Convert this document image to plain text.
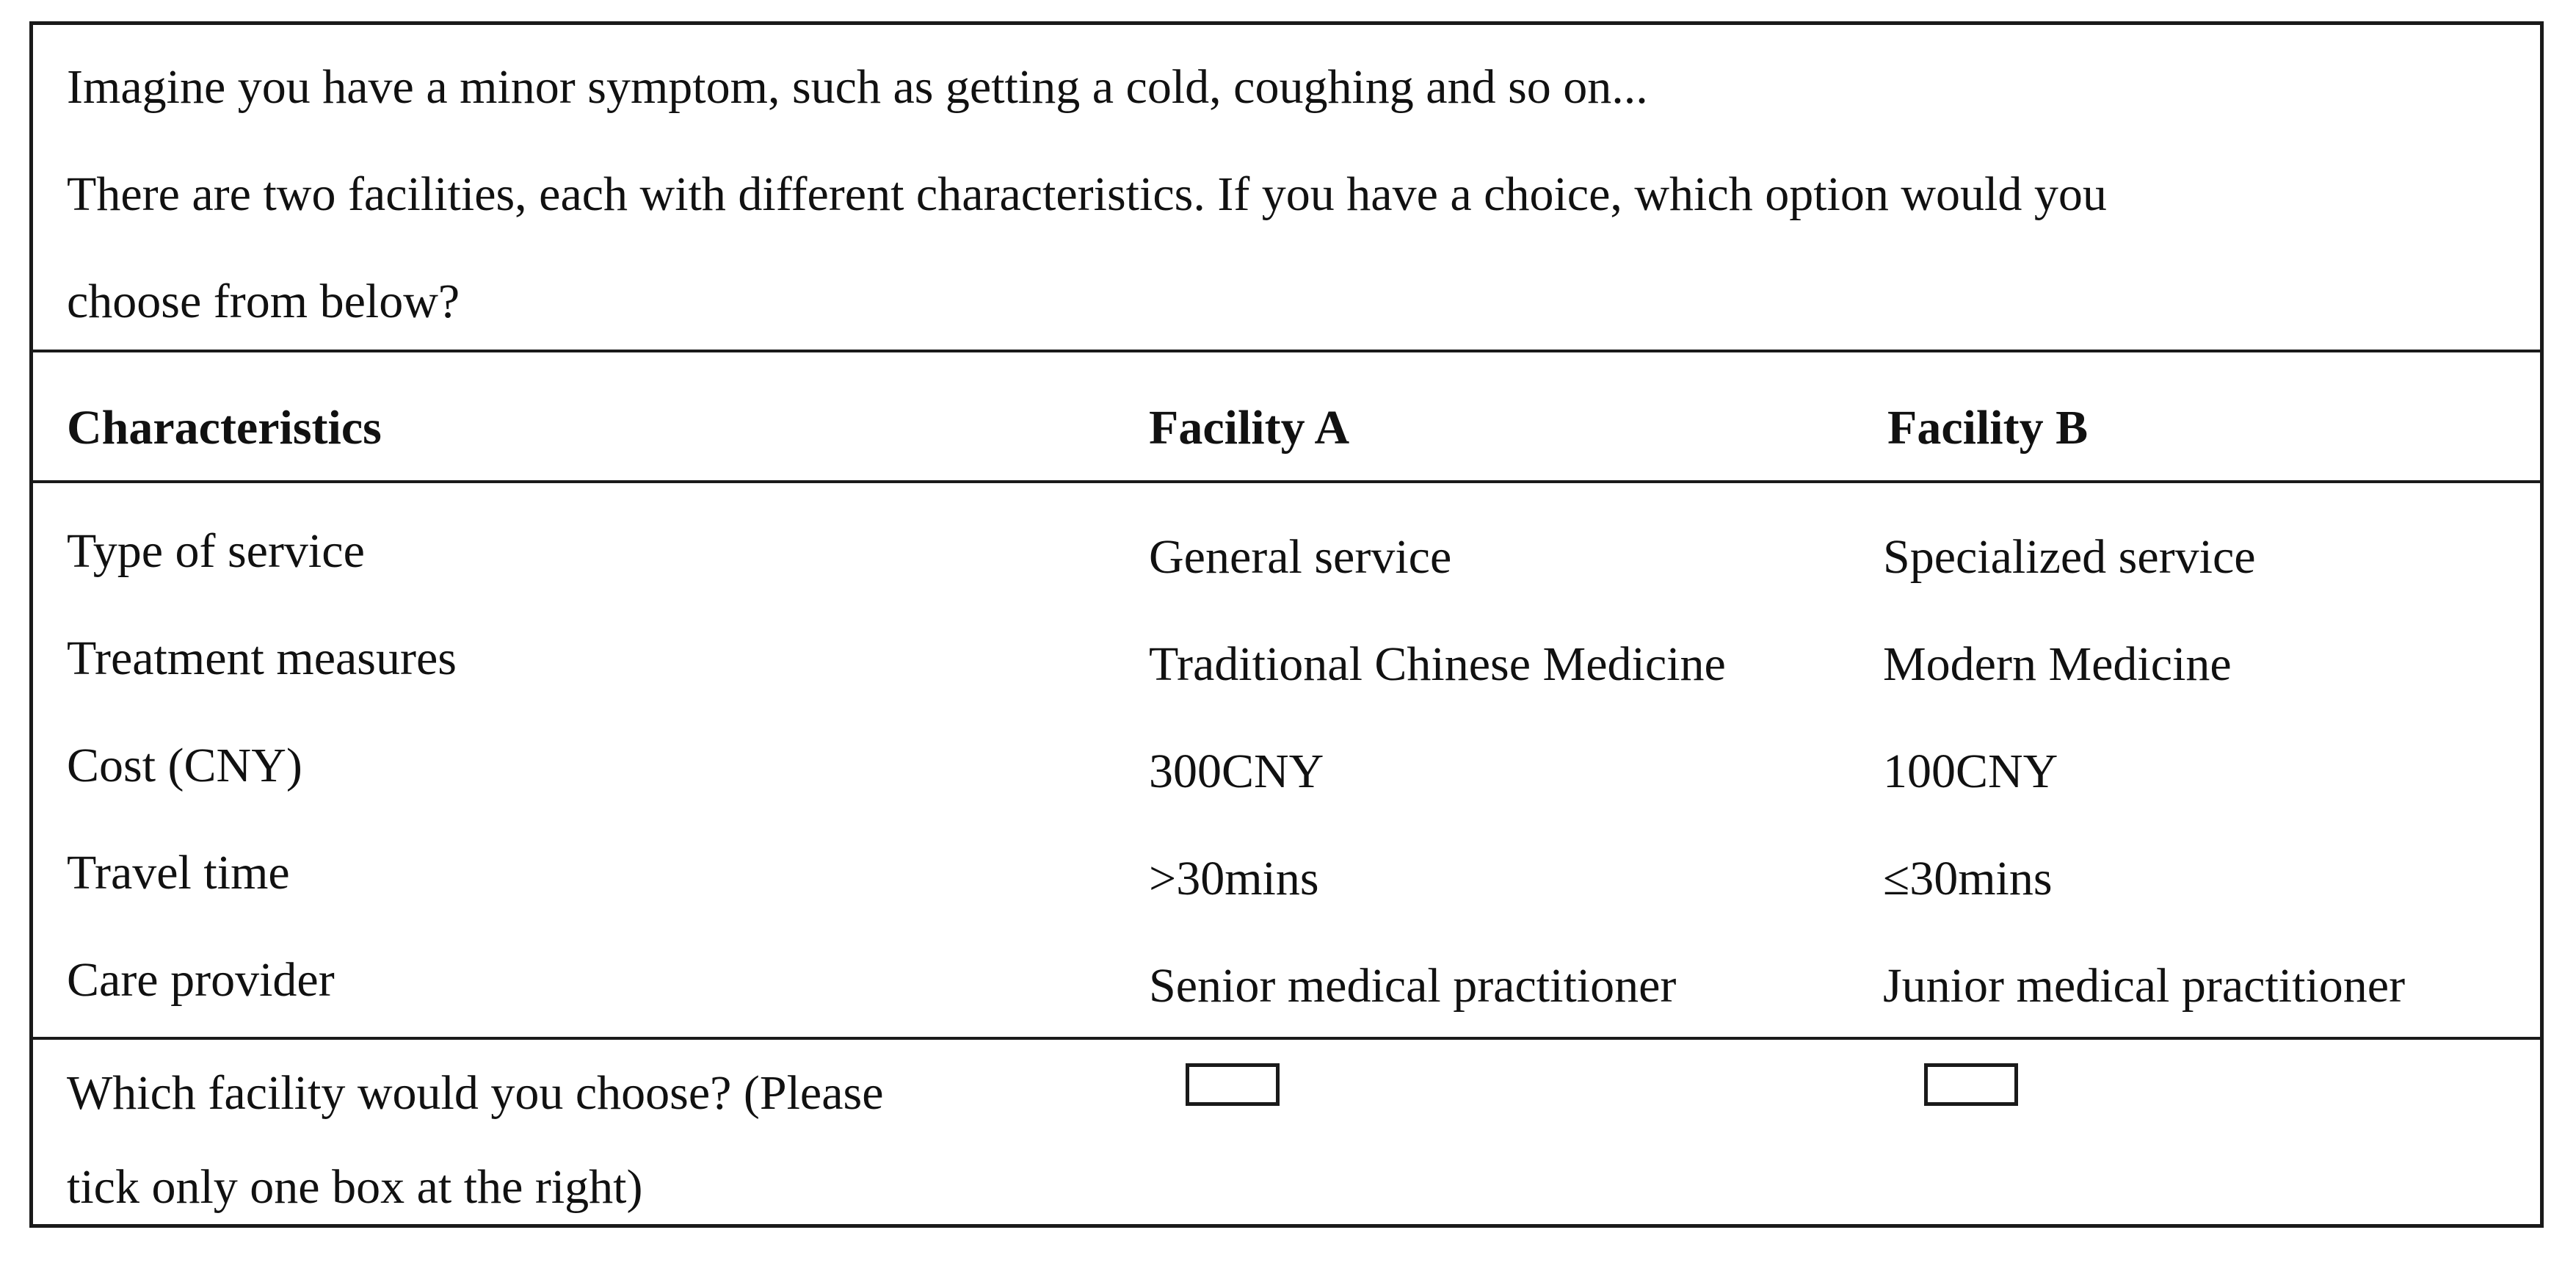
Imagine you have a minor symptom, such as getting a cold, coughing and so on...
There are two facilities, each with different characteristics. If you have a choice, which option would you
choose from below?
Characteristics	Facility A	Facility B
Type of service	General service	Specialized service
Treatment measures	Traditional Chinese Medicine	Modern Medicine
Cost (CNY)	300CNY	100CNY
Travel time	>30mins	≤30mins
Care provider	Senior medical practitioner	Junior medical practitioner
Which facility would you choose? (Please
tick only one box at the right)
